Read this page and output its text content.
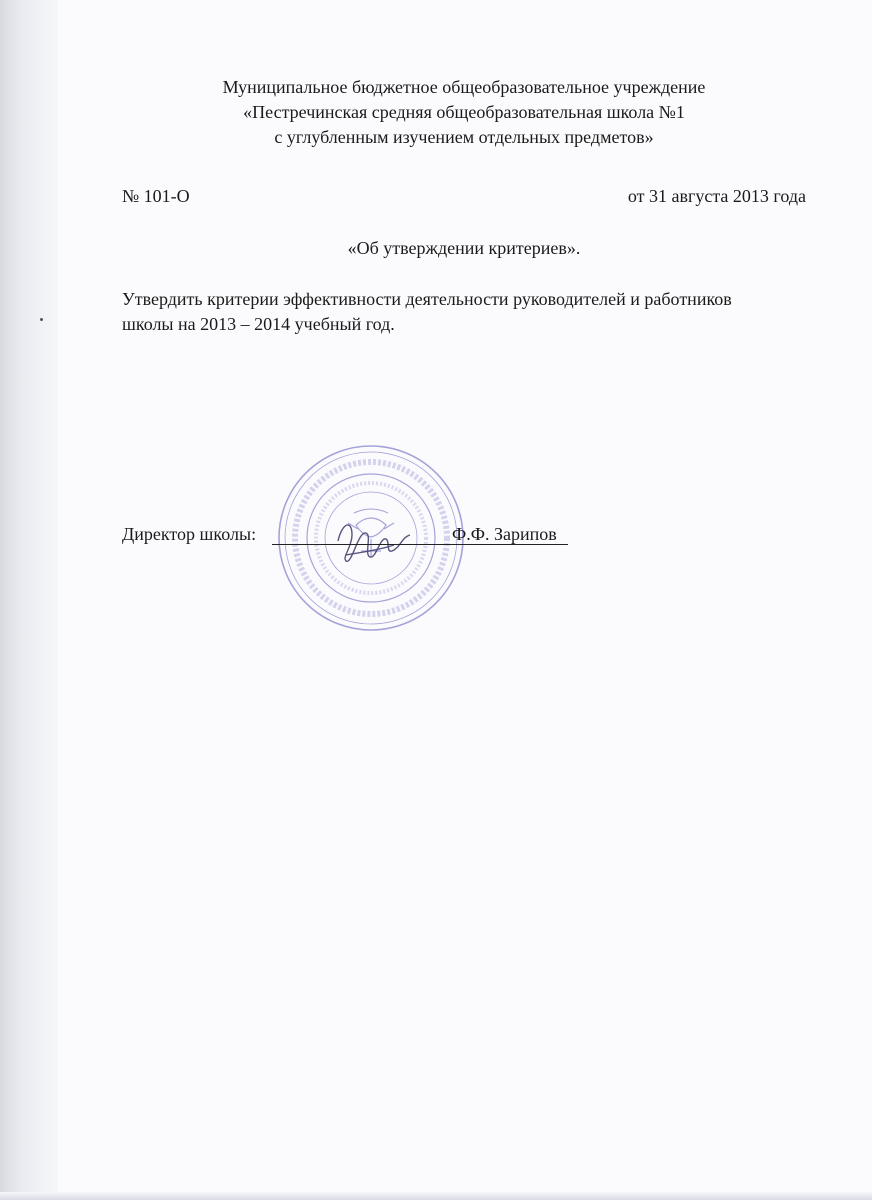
Муниципальное бюджетное общеобразовательное учреждение
«Пестречинская средняя общеобразовательная школа №1
с углубленным изучением отдельных предметов»
№ 101-О	от 31 августа 2013 года
«Об утверждении критериев».
Утвердить критерии эффективности деятельности руководителей и работников
школы на 2013 – 2014 учебный год.
Директор школы:	Ф.Ф. Зарипов
